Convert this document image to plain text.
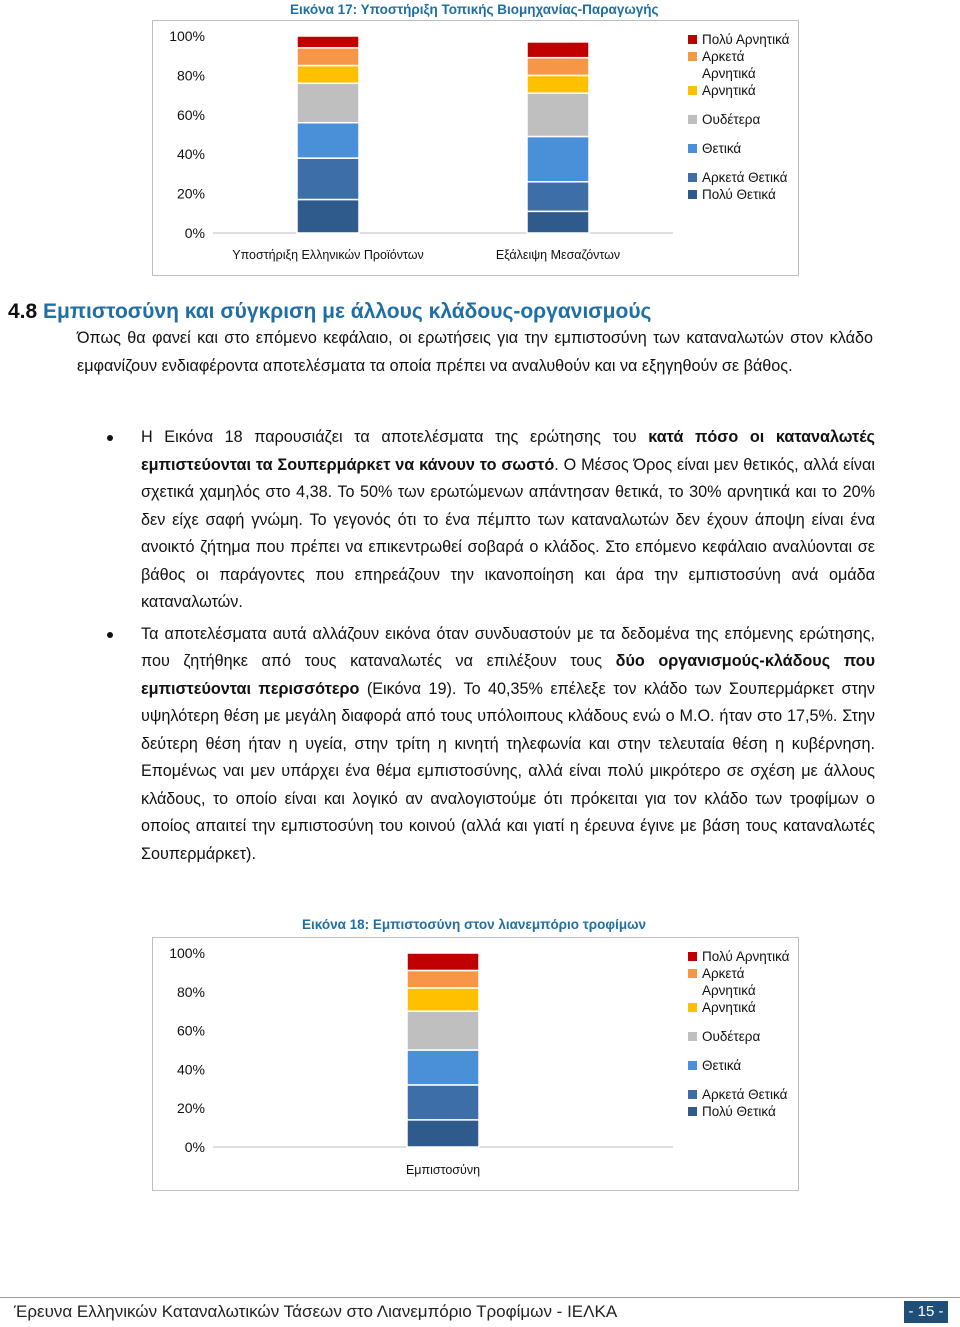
Εικόνα 17: Υποστήριξη Τοπικής Βιομηχανίας-Παραγωγής
0%
20%
40%
60%
80%
100%
Υποστήριξη Ελληνικών Προϊόντων	Εξάλειψη Μεσαζόντων
Πολύ Αρνητικά
Αρκετά Αρνητικά
Αρνητικά
Ουδέτερα
Θετικά
Αρκετά Θετικά
Πολύ Θετικά
4.8 Εμπιστοσύνη και σύγκριση με άλλους κλάδους-οργανισμούς
Όπως θα φανεί και στο επόμενο κεφάλαιο, οι ερωτήσεις για την εμπιστοσύνη των καταναλωτών στον κλάδο εμφανίζουν ενδιαφέροντα αποτελέσματα τα οποία πρέπει να αναλυθούν και να εξηγηθούν σε βάθος.
Η Εικόνα 18 παρουσιάζει τα αποτελέσματα της ερώτησης του κατά πόσο οι καταναλωτές εμπιστεύονται τα Σουπερμάρκετ να κάνουν το σωστό. Ο Μέσος Όρος είναι μεν θετικός, αλλά είναι σχετικά χαμηλός στο 4,38. Το 50% των ερωτώμενων απάντησαν θετικά, το 30% αρνητικά και το 20% δεν είχε σαφή γνώμη. Το γεγονός ότι το ένα πέμπτο των καταναλωτών δεν έχουν άποψη είναι ένα ανοικτό ζήτημα που πρέπει να επικεντρωθεί σοβαρά ο κλάδος. Στο επόμενο κεφάλαιο αναλύονται σε βάθος οι παράγοντες που επηρεάζουν την ικανοποίηση και άρα την εμπιστοσύνη ανά ομάδα καταναλωτών.
Τα αποτελέσματα αυτά αλλάζουν εικόνα όταν συνδυαστούν με τα δεδομένα της επόμενης ερώτησης, που ζητήθηκε από τους καταναλωτές να επιλέξουν τους δύο οργανισμούς-κλάδους που εμπιστεύονται περισσότερο (Εικόνα 19). Το 40,35% επέλεξε τον κλάδο των Σουπερμάρκετ στην υψηλότερη θέση με μεγάλη διαφορά από τους υπόλοιπους κλάδους ενώ ο Μ.Ο. ήταν στο 17,5%. Στην δεύτερη θέση ήταν η υγεία, στην τρίτη η κινητή τηλεφωνία και στην τελευταία θέση η κυβέρνηση. Επομένως ναι μεν υπάρχει ένα θέμα εμπιστοσύνης, αλλά είναι πολύ μικρότερο σε σχέση με άλλους κλάδους, το οποίο είναι και λογικό αν αναλογιστούμε ότι πρόκειται για τον κλάδο των τροφίμων ο οποίος απαιτεί την εμπιστοσύνη του κοινού (αλλά και γιατί η έρευνα έγινε με βάση τους καταναλωτές Σουπερμάρκετ).
Εικόνα 18: Εμπιστοσύνη στον λιανεμπόριο τροφίμων
0%
20%
40%
60%
80%
100%
Εμπιστοσύνη
Πολύ Αρνητικά
Αρκετά Αρνητικά
Αρνητικά
Ουδέτερα
Θετικά
Αρκετά Θετικά
Πολύ Θετικά
Έρευνα Ελληνικών Καταναλωτικών Τάσεων στο Λιανεμπόριο Τροφίμων - ΙΕΛΚΑ	- 15 -
